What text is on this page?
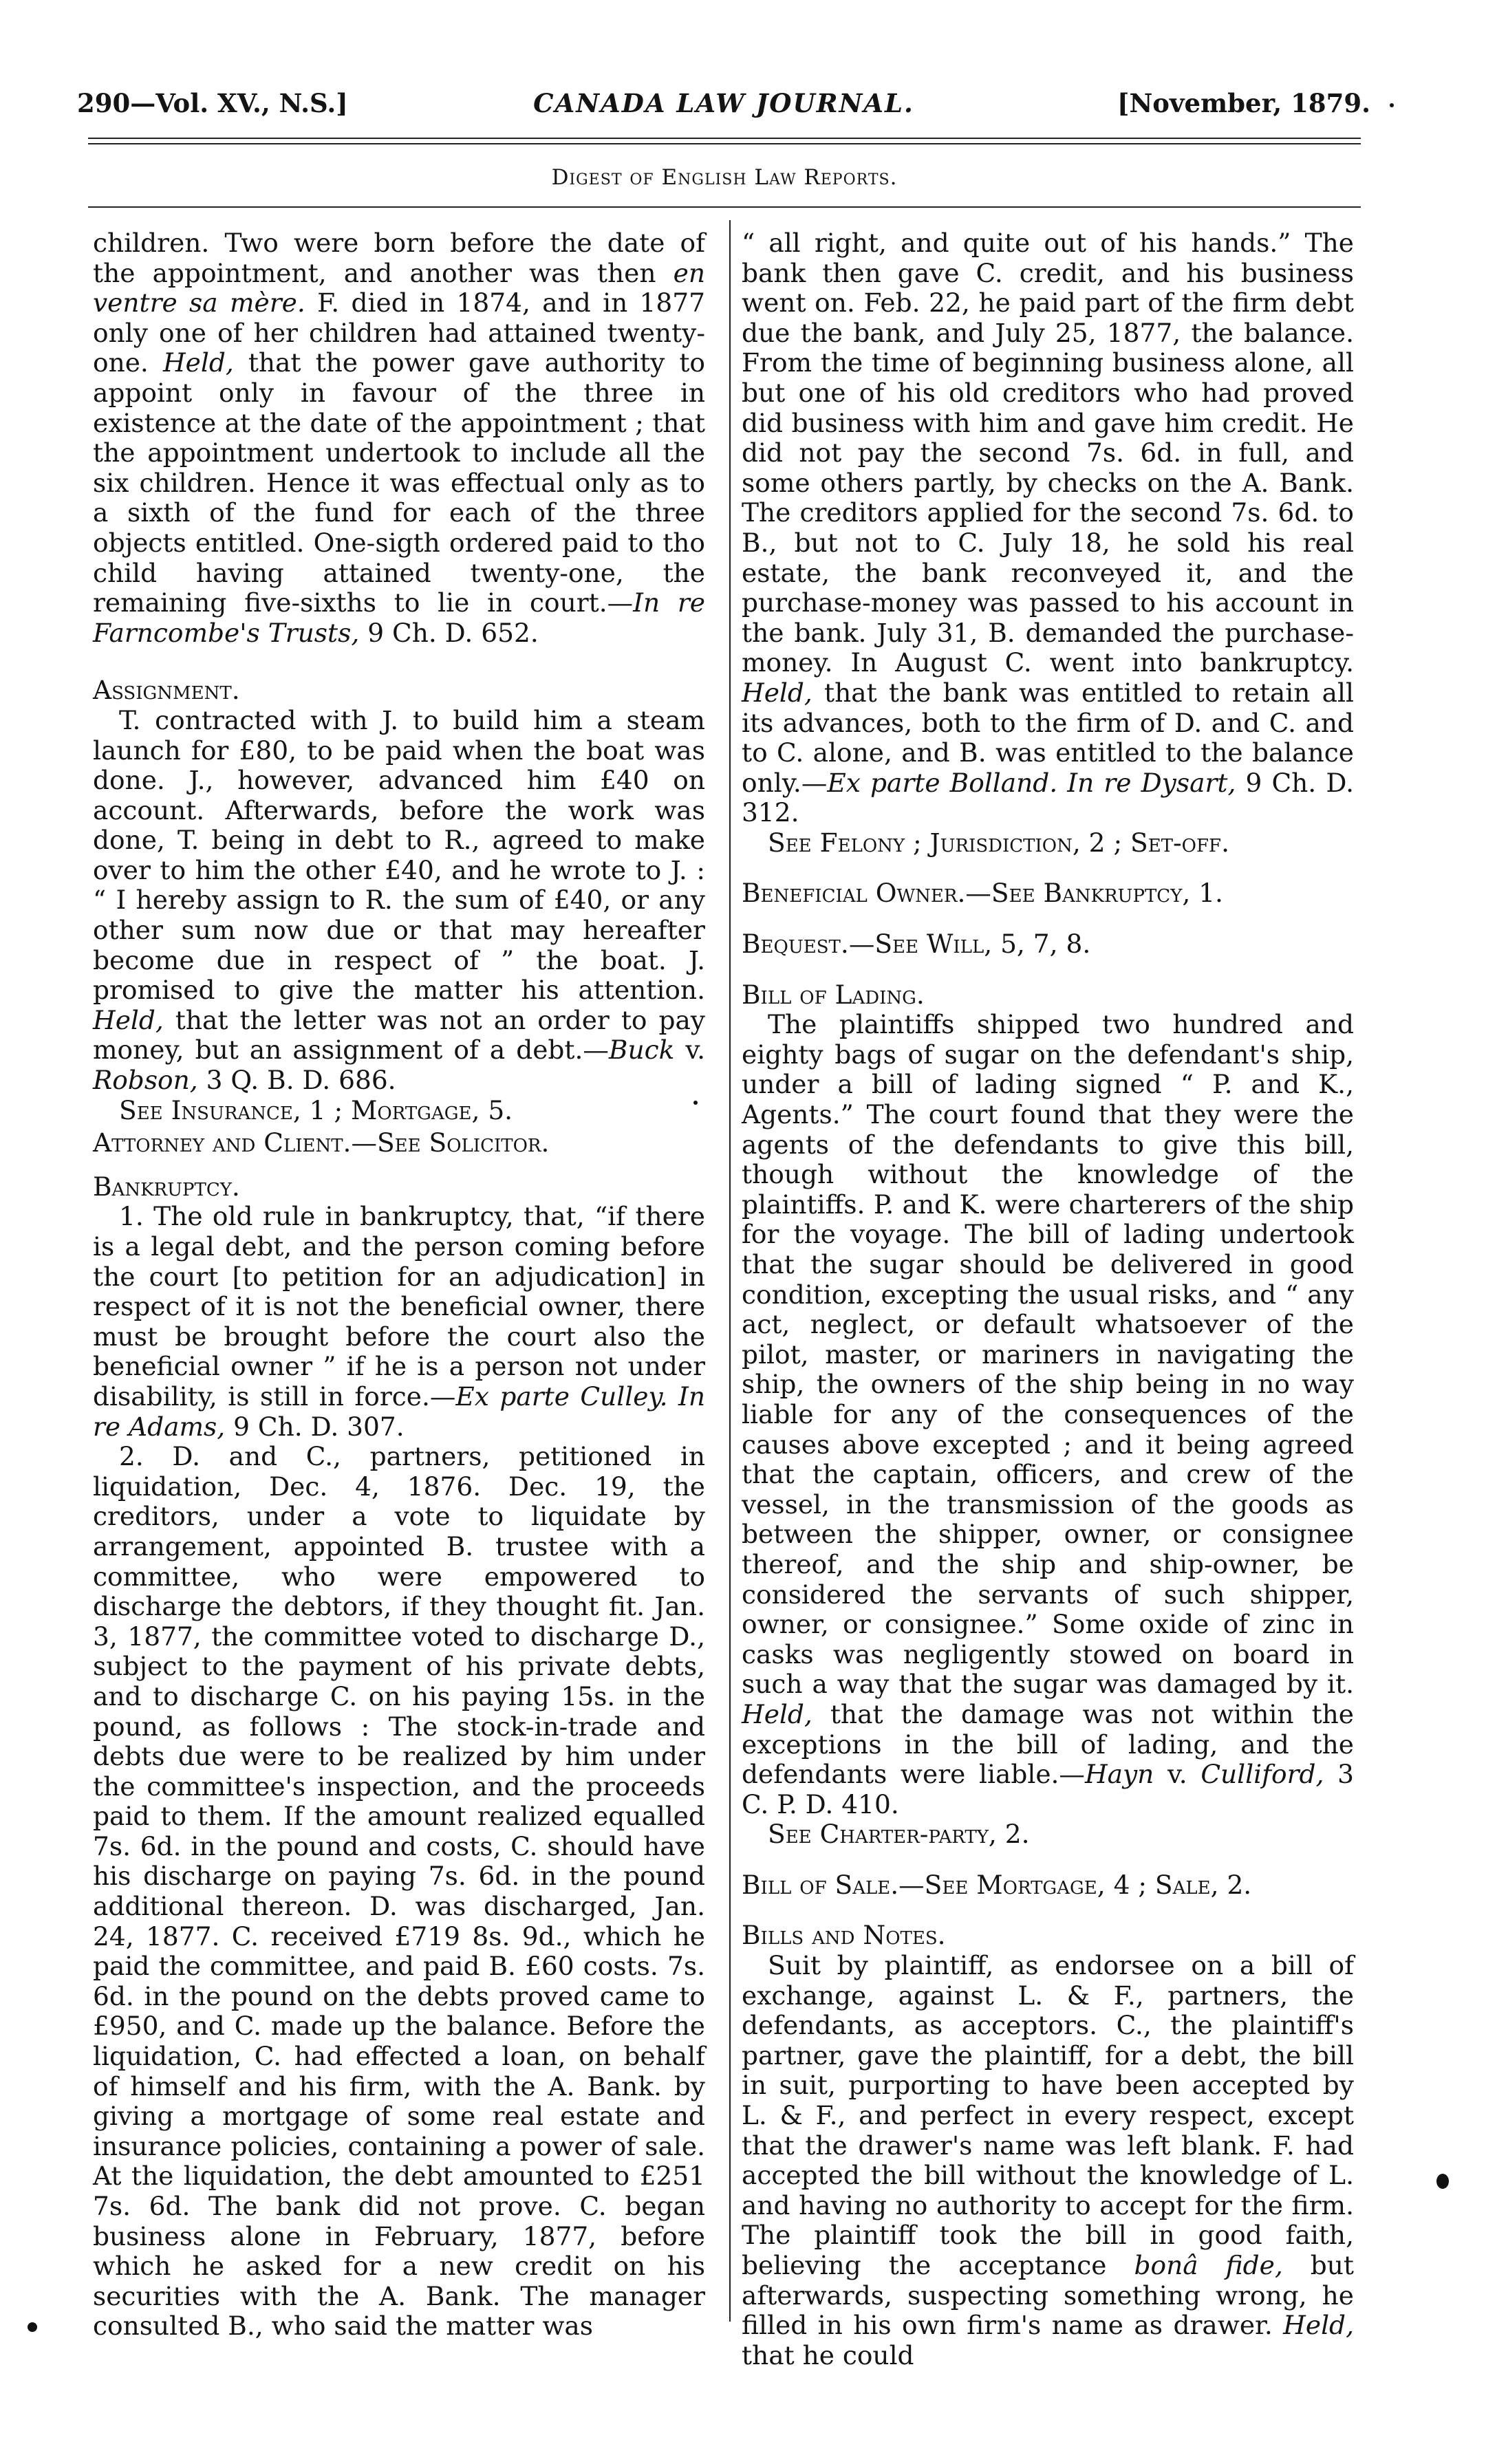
CANADA LAW JOURNAL.
290—Vol. XV., N.S.]	[November, 1879.
Digest of English Law Reports.

children. Two were born before the date of the appointment, and another was then en ventre sa mère. F. died in 1874, and in 1877 only one of her children had attained twenty-one. Held, that the power gave authority to appoint only in favour of the three in existence at the date of the appointment ; that the appointment undertook to include all the six children. Hence it was effectual only as to a sixth of the fund for each of the three objects entitled. One-sigth ordered paid to tho child having attained twenty-one, the remaining five-sixths to lie in court.—In re Farncombe's Trusts, 9 Ch. D. 652.

Assignment.

T. contracted with J. to build him a steam launch for £80, to be paid when the boat was done. J., however, advanced him £40 on account. Afterwards, before the work was done, T. being in debt to R., agreed to make over to him the other £40, and he wrote to J. : “ I hereby assign to R. the sum of £40, or any other sum now due or that may hereafter become due in respect of ” the boat. J. promised to give the matter his attention. Held, that the letter was not an order to pay money, but an assignment of a debt.—Buck v. Robson, 3 Q. B. D. 686.

See Insurance, 1 ; Mortgage, 5.

Attorney and Client.—See Solicitor.

Bankruptcy.

1. The old rule in bankruptcy, that, “if there is a legal debt, and the person coming before the court [to petition for an adjudication] in respect of it is not the beneficial owner, there must be brought before the court also the beneficial owner ” if he is a person not under disability, is still in force.—Ex parte Culley. In re Adams, 9 Ch. D. 307.

2. D. and C., partners, petitioned in liquidation, Dec. 4, 1876. Dec. 19, the creditors, under a vote to liquidate by arrangement, appointed B. trustee with a committee, who were empowered to discharge the debtors, if they thought fit. Jan. 3, 1877, the committee voted to discharge D., subject to the payment of his private debts, and to discharge C. on his paying 15s. in the pound, as follows : The stock-in-trade and debts due were to be realized by him under the committee's inspection, and the proceeds paid to them. If the amount realized equalled 7s. 6d. in the pound and costs, C. should have his discharge on paying 7s. 6d. in the pound additional thereon. D. was discharged, Jan. 24, 1877. C. received £719 8s. 9d., which he paid the committee, and paid B. £60 costs. 7s. 6d. in the pound on the debts proved came to £950, and C. made up the balance. Before the liquidation, C. had effected a loan, on behalf of himself and his firm, with the A. Bank. by giving a mortgage of some real estate and insurance policies, containing a power of sale. At the liquidation, the debt amounted to £251 7s. 6d. The bank did not prove. C. began business alone in February, 1877, before which he asked for a new credit on his securities with the A. Bank. The manager consulted B., who said the matter was

“ all right, and quite out of his hands.” The bank then gave C. credit, and his business went on. Feb. 22, he paid part of the firm debt due the bank, and July 25, 1877, the balance. From the time of beginning business alone, all but one of his old creditors who had proved did business with him and gave him credit. He did not pay the second 7s. 6d. in full, and some others partly, by checks on the A. Bank. The creditors applied for the second 7s. 6d. to B., but not to C. July 18, he sold his real estate, the bank reconveyed it, and the purchase-money was passed to his account in the bank. July 31, B. demanded the purchase-money. In August C. went into bankruptcy. Held, that the bank was entitled to retain all its advances, both to the firm of D. and C. and to C. alone, and B. was entitled to the balance only.—Ex parte Bolland. In re Dysart, 9 Ch. D. 312.

See Felony ; Jurisdiction, 2 ; Set-off.

Beneficial Owner.—See Bankruptcy, 1.

Bequest.—See Will, 5, 7, 8.

Bill of Lading.

The plaintiffs shipped two hundred and eighty bags of sugar on the defendant's ship, under a bill of lading signed “ P. and K., Agents.” The court found that they were the agents of the defendants to give this bill, though without the knowledge of the plaintiffs. P. and K. were charterers of the ship for the voyage. The bill of lading undertook that the sugar should be delivered in good condition, excepting the usual risks, and “ any act, neglect, or default whatsoever of the pilot, master, or mariners in navigating the ship, the owners of the ship being in no way liable for any of the consequences of the causes above excepted ; and it being agreed that the captain, officers, and crew of the vessel, in the transmission of the goods as between the shipper, owner, or consignee thereof, and the ship and ship-owner, be considered the servants of such shipper, owner, or consignee.” Some oxide of zinc in casks was negligently stowed on board in such a way that the sugar was damaged by it. Held, that the damage was not within the exceptions in the bill of lading, and the defendants were liable.—Hayn v. Culliford, 3 C. P. D. 410.

See Charter-party, 2.

Bill of Sale.—See Mortgage, 4 ; Sale, 2.

Bills and Notes.

Suit by plaintiff, as endorsee on a bill of exchange, against L. & F., partners, the defendants, as acceptors. C., the plaintiff's partner, gave the plaintiff, for a debt, the bill in suit, purporting to have been accepted by L. & F., and perfect in every respect, except that the drawer's name was left blank. F. had accepted the bill without the knowledge of L. and having no authority to accept for the firm. The plaintiff took the bill in good faith, believing the acceptance bonâ fide, but afterwards, suspecting something wrong, he filled in his own firm's name as drawer. Held, that he could
